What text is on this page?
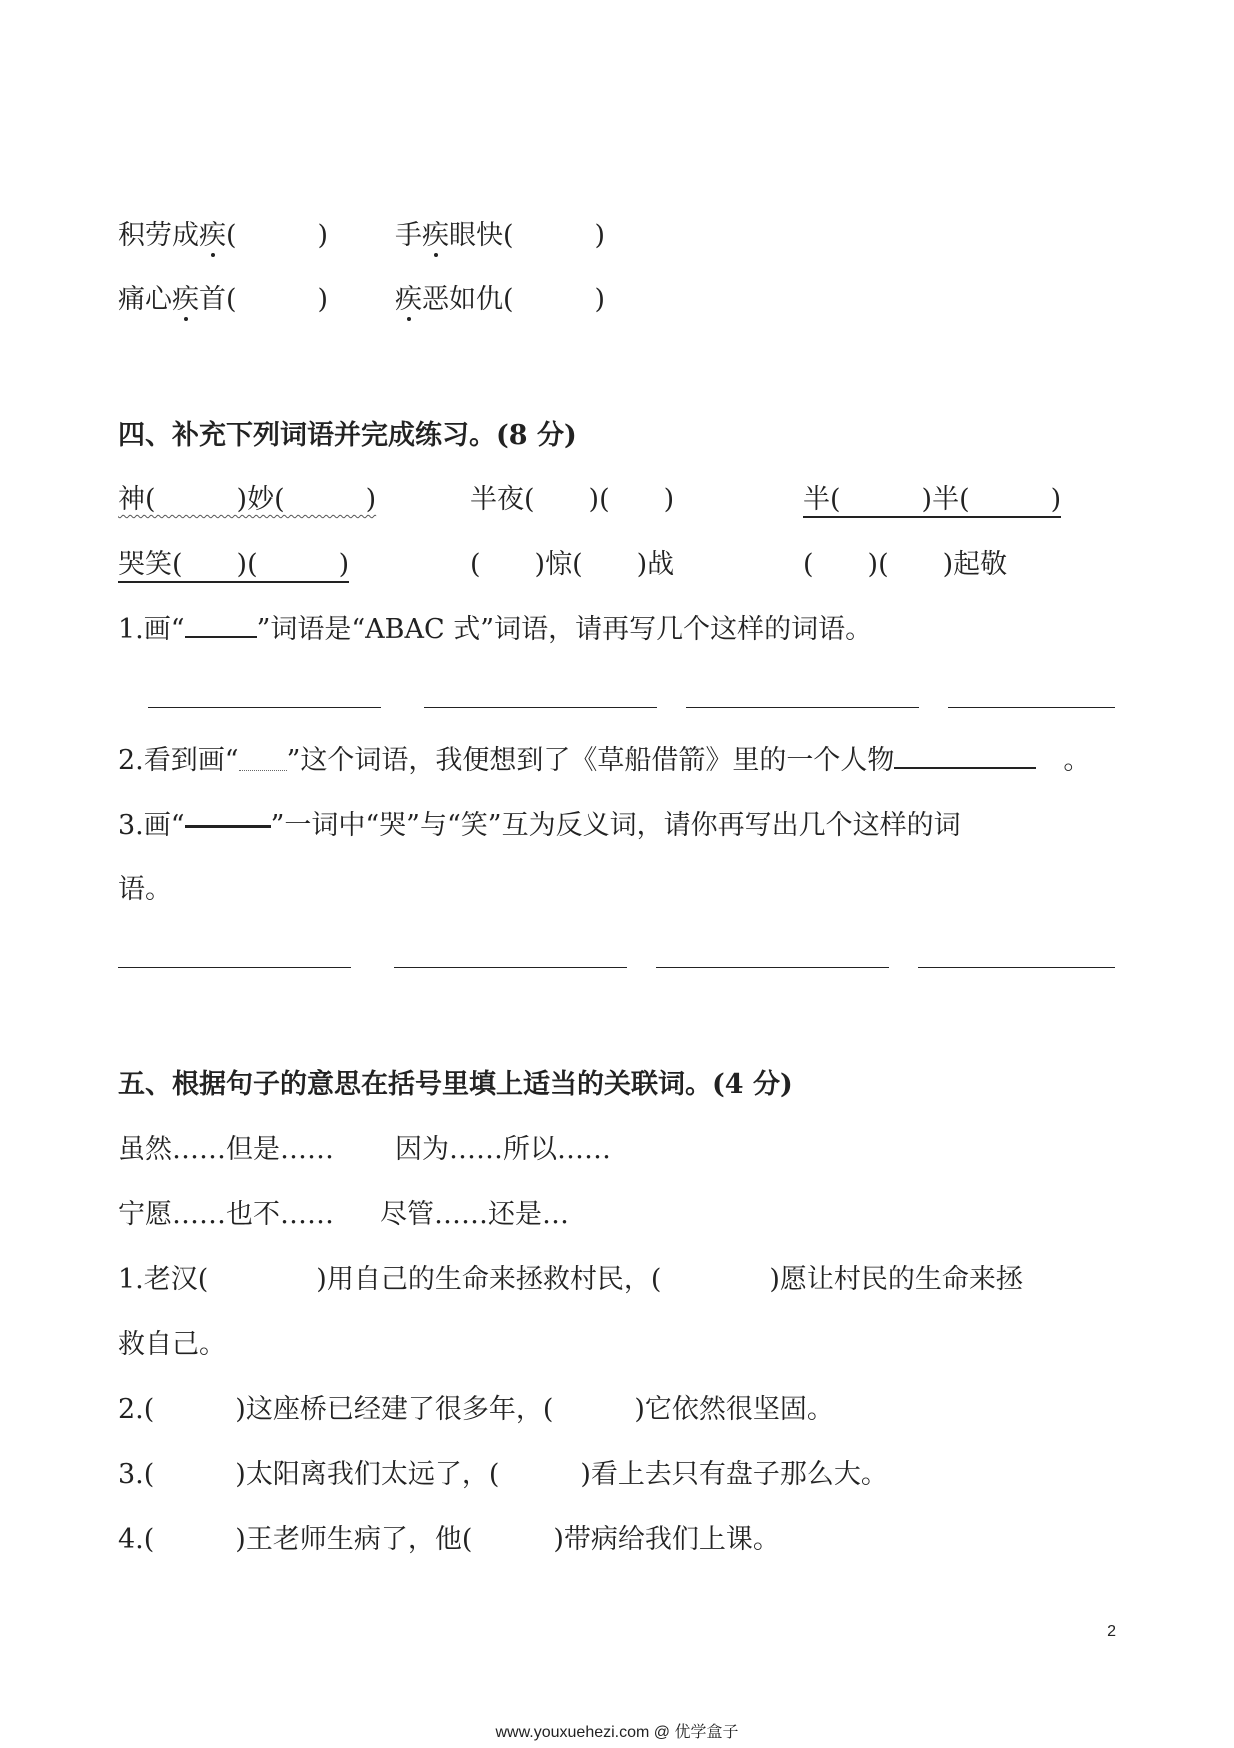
积劳成疾(　　　) 手疾眼快(　　　)
痛心疾首(　　　) 疾恶如仇(　　　)
四、补充下列词语并完成练习。(8 分)
神(　　　)妙(　　　)	半夜(　　)(　　)	半(　　　)半(　　　)
哭笑(　　)(　　　)	(　　)惊(　　)战	(　　)(　　)起敬
1.画“	”词语是“ABAC 式”词语，请再写几个这样的词语。
2.看到画“ ”这个词语，我便想到了《草船借箭》里的一个人物　	。
3.画“	”一词中“哭”与“笑”互为反义词，请你再写出几个这样的词
语。
五、根据句子的意思在括号里填上适当的关联词。(4 分)
虽然……但是…… 因为……所以……
宁愿……也不…… 尽管……还是…
1.老汉(　　　　)用自己的生命来拯救村民，(　　　　)愿让村民的生命来拯
救自己。
2.(　　　)这座桥已经建了很多年，(　　　)它依然很坚固。
3.(　　　)太阳离我们太远了，(　　　)看上去只有盘子那么大。
4.(　　　)王老师生病了，他(　　　)带病给我们上课。
2
www.youxuehezi.com @ 优学盒子
